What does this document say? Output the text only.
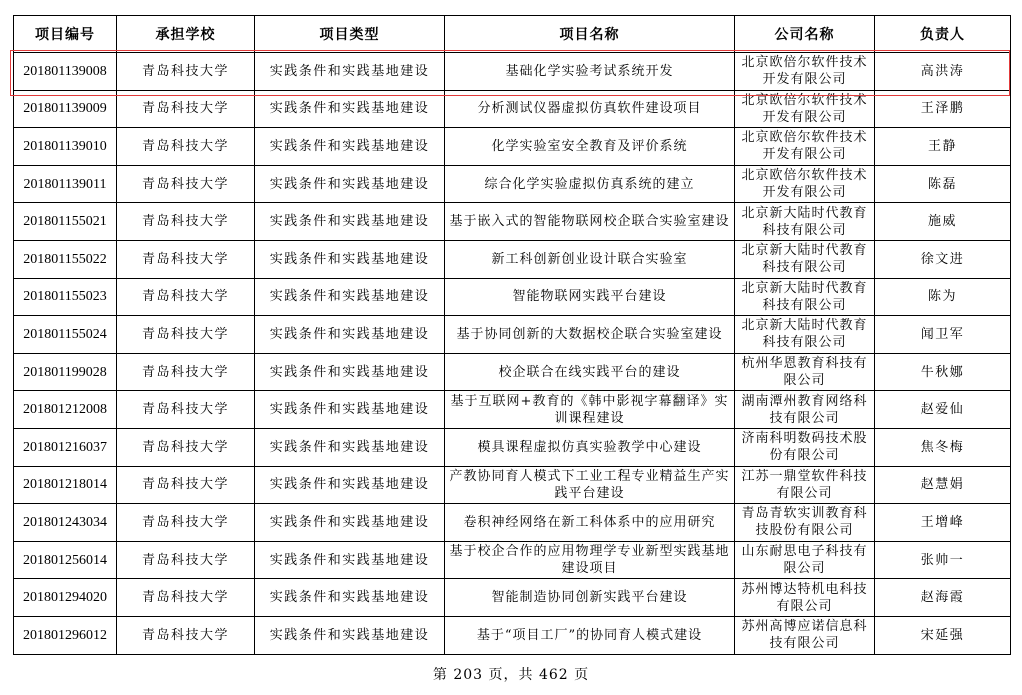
项目编号	承担学校	项目类型	项目名称	公司名称	负责人
201801139008	青岛科技大学	实践条件和实践基地建设	基础化学实验考试系统开发	北京欧倍尔软件技术开发有限公司	高洪涛
201801139009	青岛科技大学	实践条件和实践基地建设	分析测试仪器虚拟仿真软件建设项目	北京欧倍尔软件技术开发有限公司	王泽鹏
201801139010	青岛科技大学	实践条件和实践基地建设	化学实验室安全教育及评价系统	北京欧倍尔软件技术开发有限公司	王静
201801139011	青岛科技大学	实践条件和实践基地建设	综合化学实验虚拟仿真系统的建立	北京欧倍尔软件技术开发有限公司	陈磊
201801155021	青岛科技大学	实践条件和实践基地建设	基于嵌入式的智能物联网校企联合实验室建设	北京新大陆时代教育科技有限公司	施威
201801155022	青岛科技大学	实践条件和实践基地建设	新工科创新创业设计联合实验室	北京新大陆时代教育科技有限公司	徐文进
201801155023	青岛科技大学	实践条件和实践基地建设	智能物联网实践平台建设	北京新大陆时代教育科技有限公司	陈为
201801155024	青岛科技大学	实践条件和实践基地建设	基于协同创新的大数据校企联合实验室建设	北京新大陆时代教育科技有限公司	闻卫军
201801199028	青岛科技大学	实践条件和实践基地建设	校企联合在线实践平台的建设	杭州华恩教育科技有限公司	牛秋娜
201801212008	青岛科技大学	实践条件和实践基地建设	基于互联网+教育的《韩中影视字幕翻译》实训课程建设	湖南潭州教育网络科技有限公司	赵爱仙
201801216037	青岛科技大学	实践条件和实践基地建设	模具课程虚拟仿真实验教学中心建设	济南科明数码技术股份有限公司	焦冬梅
201801218014	青岛科技大学	实践条件和实践基地建设	产教协同育人模式下工业工程专业精益生产实践平台建设	江苏一鼎堂软件科技有限公司	赵慧娟
201801243034	青岛科技大学	实践条件和实践基地建设	卷积神经网络在新工科体系中的应用研究	青岛青软实训教育科技股份有限公司	王增峰
201801256014	青岛科技大学	实践条件和实践基地建设	基于校企合作的应用物理学专业新型实践基地建设项目	山东耐思电子科技有限公司	张帅一
201801294020	青岛科技大学	实践条件和实践基地建设	智能制造协同创新实践平台建设	苏州博达特机电科技有限公司	赵海霞
201801296012	青岛科技大学	实践条件和实践基地建设	基于“项目工厂”的协同育人模式建设	苏州高博应诺信息科技有限公司	宋延强
第 203 页，共 462 页
